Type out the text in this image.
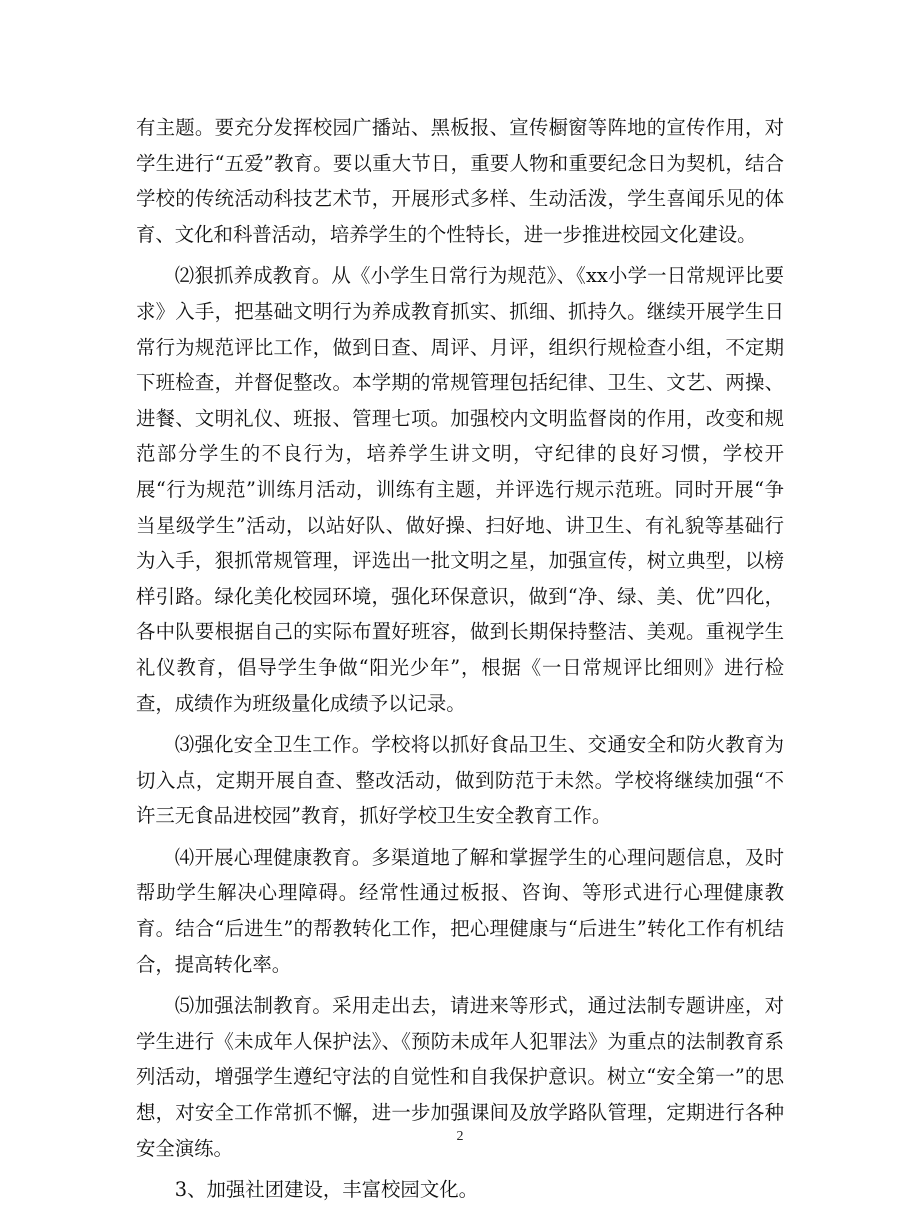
有主题。要充分发挥校园广播站、黑板报、宣传橱窗等阵地的宣传作用，对学生进行“五爱”教育。要以重大节日，重要人物和重要纪念日为契机，结合学校的传统活动科技艺术节，开展形式多样、生动活泼，学生喜闻乐见的体育、文化和科普活动，培养学生的个性特长，进一步推进校园文化建设。

⑵狠抓养成教育。从《小学生日常行为规范》、《xx小学一日常规评比要求》入手，把基础文明行为养成教育抓实、抓细、抓持久。继续开展学生日常行为规范评比工作，做到日查、周评、月评，组织行规检查小组，不定期下班检查，并督促整改。本学期的常规管理包括纪律、卫生、文艺、两操、进餐、文明礼仪、班报、管理七项。加强校内文明监督岗的作用，改变和规范部分学生的不良行为，培养学生讲文明，守纪律的良好习惯，学校开展“行为规范”训练月活动，训练有主题，并评选行规示范班。同时开展“争当星级学生”活动，以站好队、做好操、扫好地、讲卫生、有礼貌等基础行为入手，狠抓常规管理，评选出一批文明之星，加强宣传，树立典型，以榜样引路。绿化美化校园环境，强化环保意识，做到“净、绿、美、优”四化，各中队要根据自己的实际布置好班容，做到长期保持整洁、美观。重视学生礼仪教育，倡导学生争做“阳光少年”，根据《一日常规评比细则》进行检查，成绩作为班级量化成绩予以记录。

⑶强化安全卫生工作。学校将以抓好食品卫生、交通安全和防火教育为切入点，定期开展自查、整改活动，做到防范于未然。学校将继续加强“不许三无食品进校园”教育，抓好学校卫生安全教育工作。

⑷开展心理健康教育。多渠道地了解和掌握学生的心理问题信息，及时帮助学生解决心理障碍。经常性通过板报、咨询、等形式进行心理健康教育。结合“后进生”的帮教转化工作，把心理健康与“后进生”转化工作有机结合，提高转化率。

⑸加强法制教育。采用走出去，请进来等形式，通过法制专题讲座，对学生进行《未成年人保护法》、《预防未成年人犯罪法》为重点的法制教育系列活动，增强学生遵纪守法的自觉性和自我保护意识。树立“安全第一”的思想，对安全工作常抓不懈，进一步加强课间及放学路队管理，定期进行各种安全演练。

3、加强社团建设，丰富校园文化。

2
